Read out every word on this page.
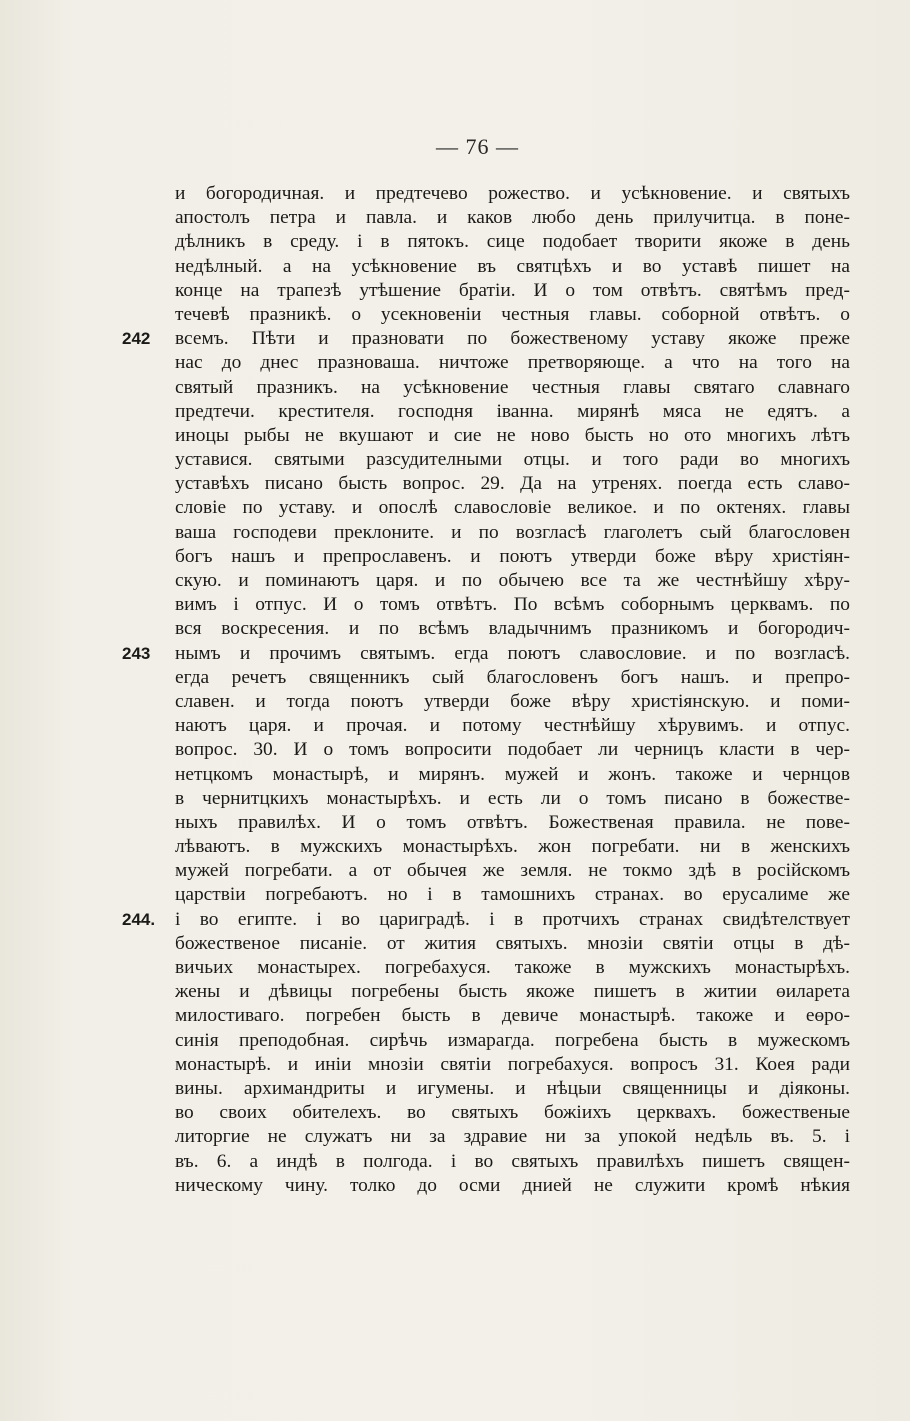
— 76 —
242
243
244.
и богородичная. и предтечево рожество. и усѣкновение. и святыхъ
апостолъ петра и павла. и каков любо день прилучитца. в поне-
дѣлникъ в среду. і в пятокъ. сице подобает творити якоже в день
недѣлный. а на усѣкновение въ святцѣхъ и во уставѣ пишет на
конце на трапезѣ утѣшение братіи. И о том отвѣтъ. святѣмъ пред-
течевѣ празникѣ. о усекновеніи честныя главы. соборной отвѣтъ. о
всемъ. Пѣти и празновати по божественому уставу якоже преже
нас до днес празноваша. ничтоже претворяюще. а что на того на
святый празникъ. на усѣкновение честныя главы святаго славнаго
предтечи. крестителя. господня іванна. мирянѣ мяса не едятъ. а
иноцы рыбы не вкушают и сие не ново бысть но ото многихъ лѣтъ
уставися. святыми разсудителными отцы. и того ради во многихъ
уставѣхъ писано бысть вопрос. 29. Да на утренях. поегда есть славо-
словіе по уставу. и опослѣ славословіе великое. и по октенях. главы
ваша господеви преклоните. и по возгласѣ глаголетъ сый благословен
богъ нашъ и препрославенъ. и поютъ утверди боже вѣру христіян-
скую. и поминаютъ царя. и по обычею все та же честнѣйшу хѣру-
вимъ і отпус. И о томъ отвѣтъ. По всѣмъ соборнымъ церквамъ. по
вся воскресения. и по всѣмъ владычнимъ празникомъ и богородич-
нымъ и прочимъ святымъ. егда поютъ славословие. и по возгласѣ.
егда речетъ священникъ сый благословенъ богъ нашъ. и препро-
славен. и тогда поютъ утверди боже вѣру христіянскую. и поми-
наютъ царя. и прочая. и потому честнѣйшу хѣрувимъ. и отпус.
вопрос. 30. И о томъ вопросити подобает ли черницъ класти в чер-
нетцкомъ монастырѣ, и мирянъ. мужей и жонъ. такоже и чернцов
в чернитцкихъ монастырѣхъ. и есть ли о томъ писано в божестве-
ныхъ правилѣх. И о томъ отвѣтъ. Божественая правила. не пове-
лѣваютъ. в мужскихъ монастырѣхъ. жон погребати. ни в женскихъ
мужей погребати. а от обычея же земля. не токмо здѣ в російскомъ
царствіи погребаютъ. но і в тамошнихъ странах. во ерусалиме же
і во египте. і во цариградѣ. і в протчихъ странах свидѣтелствует
божественое писаніе. от жития святыхъ. мнозіи святіи отцы в дѣ-
вичьих монастырех. погребахуся. такоже в мужскихъ монастырѣхъ.
жены и дѣвицы погребены бысть якоже пишетъ в житии өиларета
милостиваго. погребен бысть в девиче монастырѣ. такоже и еөро-
синія преподобная. сирѣчь измарагда. погребена бысть в мужескомъ
монастырѣ. и иніи мнозіи святіи погребахуся. вопросъ 31. Коея ради
вины. архимандриты и игумены. и нѣцыи священницы и діяконы.
во своих обителехъ. во святыхъ божіихъ церквахъ. божественые
литоргие не служатъ ни за здравие ни за упокой недѣль въ. 5. і
въ. 6. а индѣ в полгода. і во святыхъ правилѣхъ пишетъ священ-
ническому чину. толко до осми днией не служити кромѣ нѣкия
